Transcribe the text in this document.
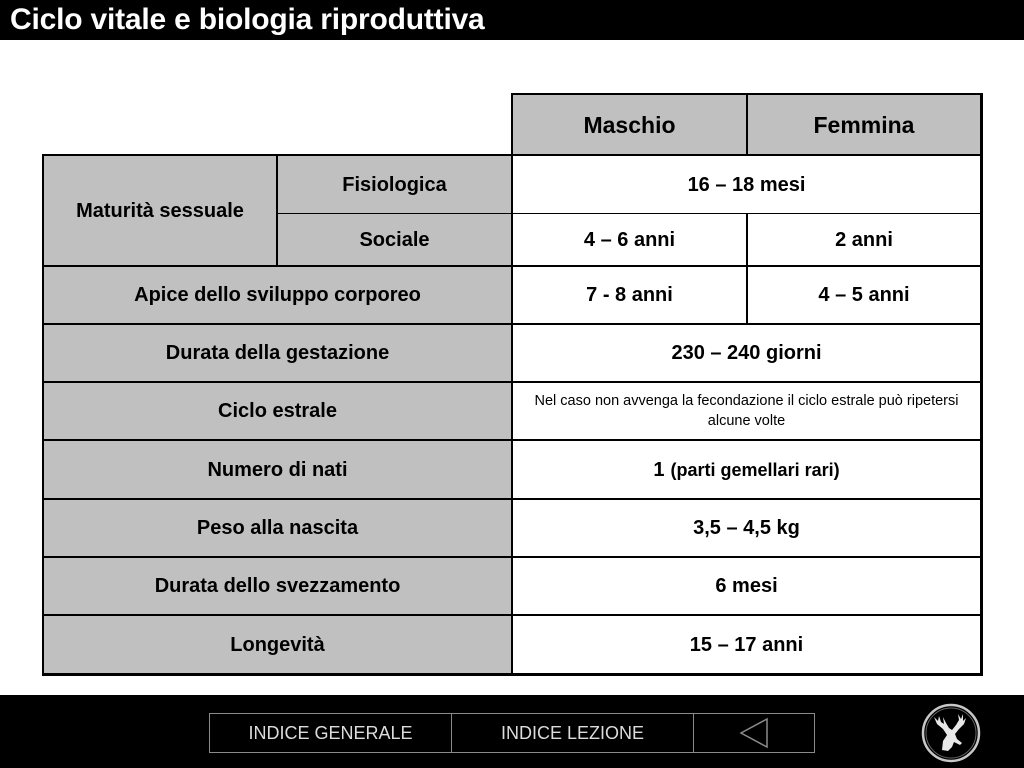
Ciclo vitale e biologia riproduttiva
Maschio	Femmina
Maturità sessuale
Fisiologica	16 – 18 mesi
Sociale	4 – 6 anni	2 anni
Apice dello sviluppo corporeo	7 - 8 anni	4 – 5 anni
Durata della gestazione	230 – 240 giorni
Ciclo estrale	Nel caso non avvenga la fecondazione il ciclo estrale può ripetersi alcune volte
Numero di nati	1 (parti gemellari rari)
Peso alla nascita	3,5 – 4,5 kg
Durata dello svezzamento	6 mesi
Longevità	15 – 17 anni
INDICE GENERALE	INDICE LEZIONE
